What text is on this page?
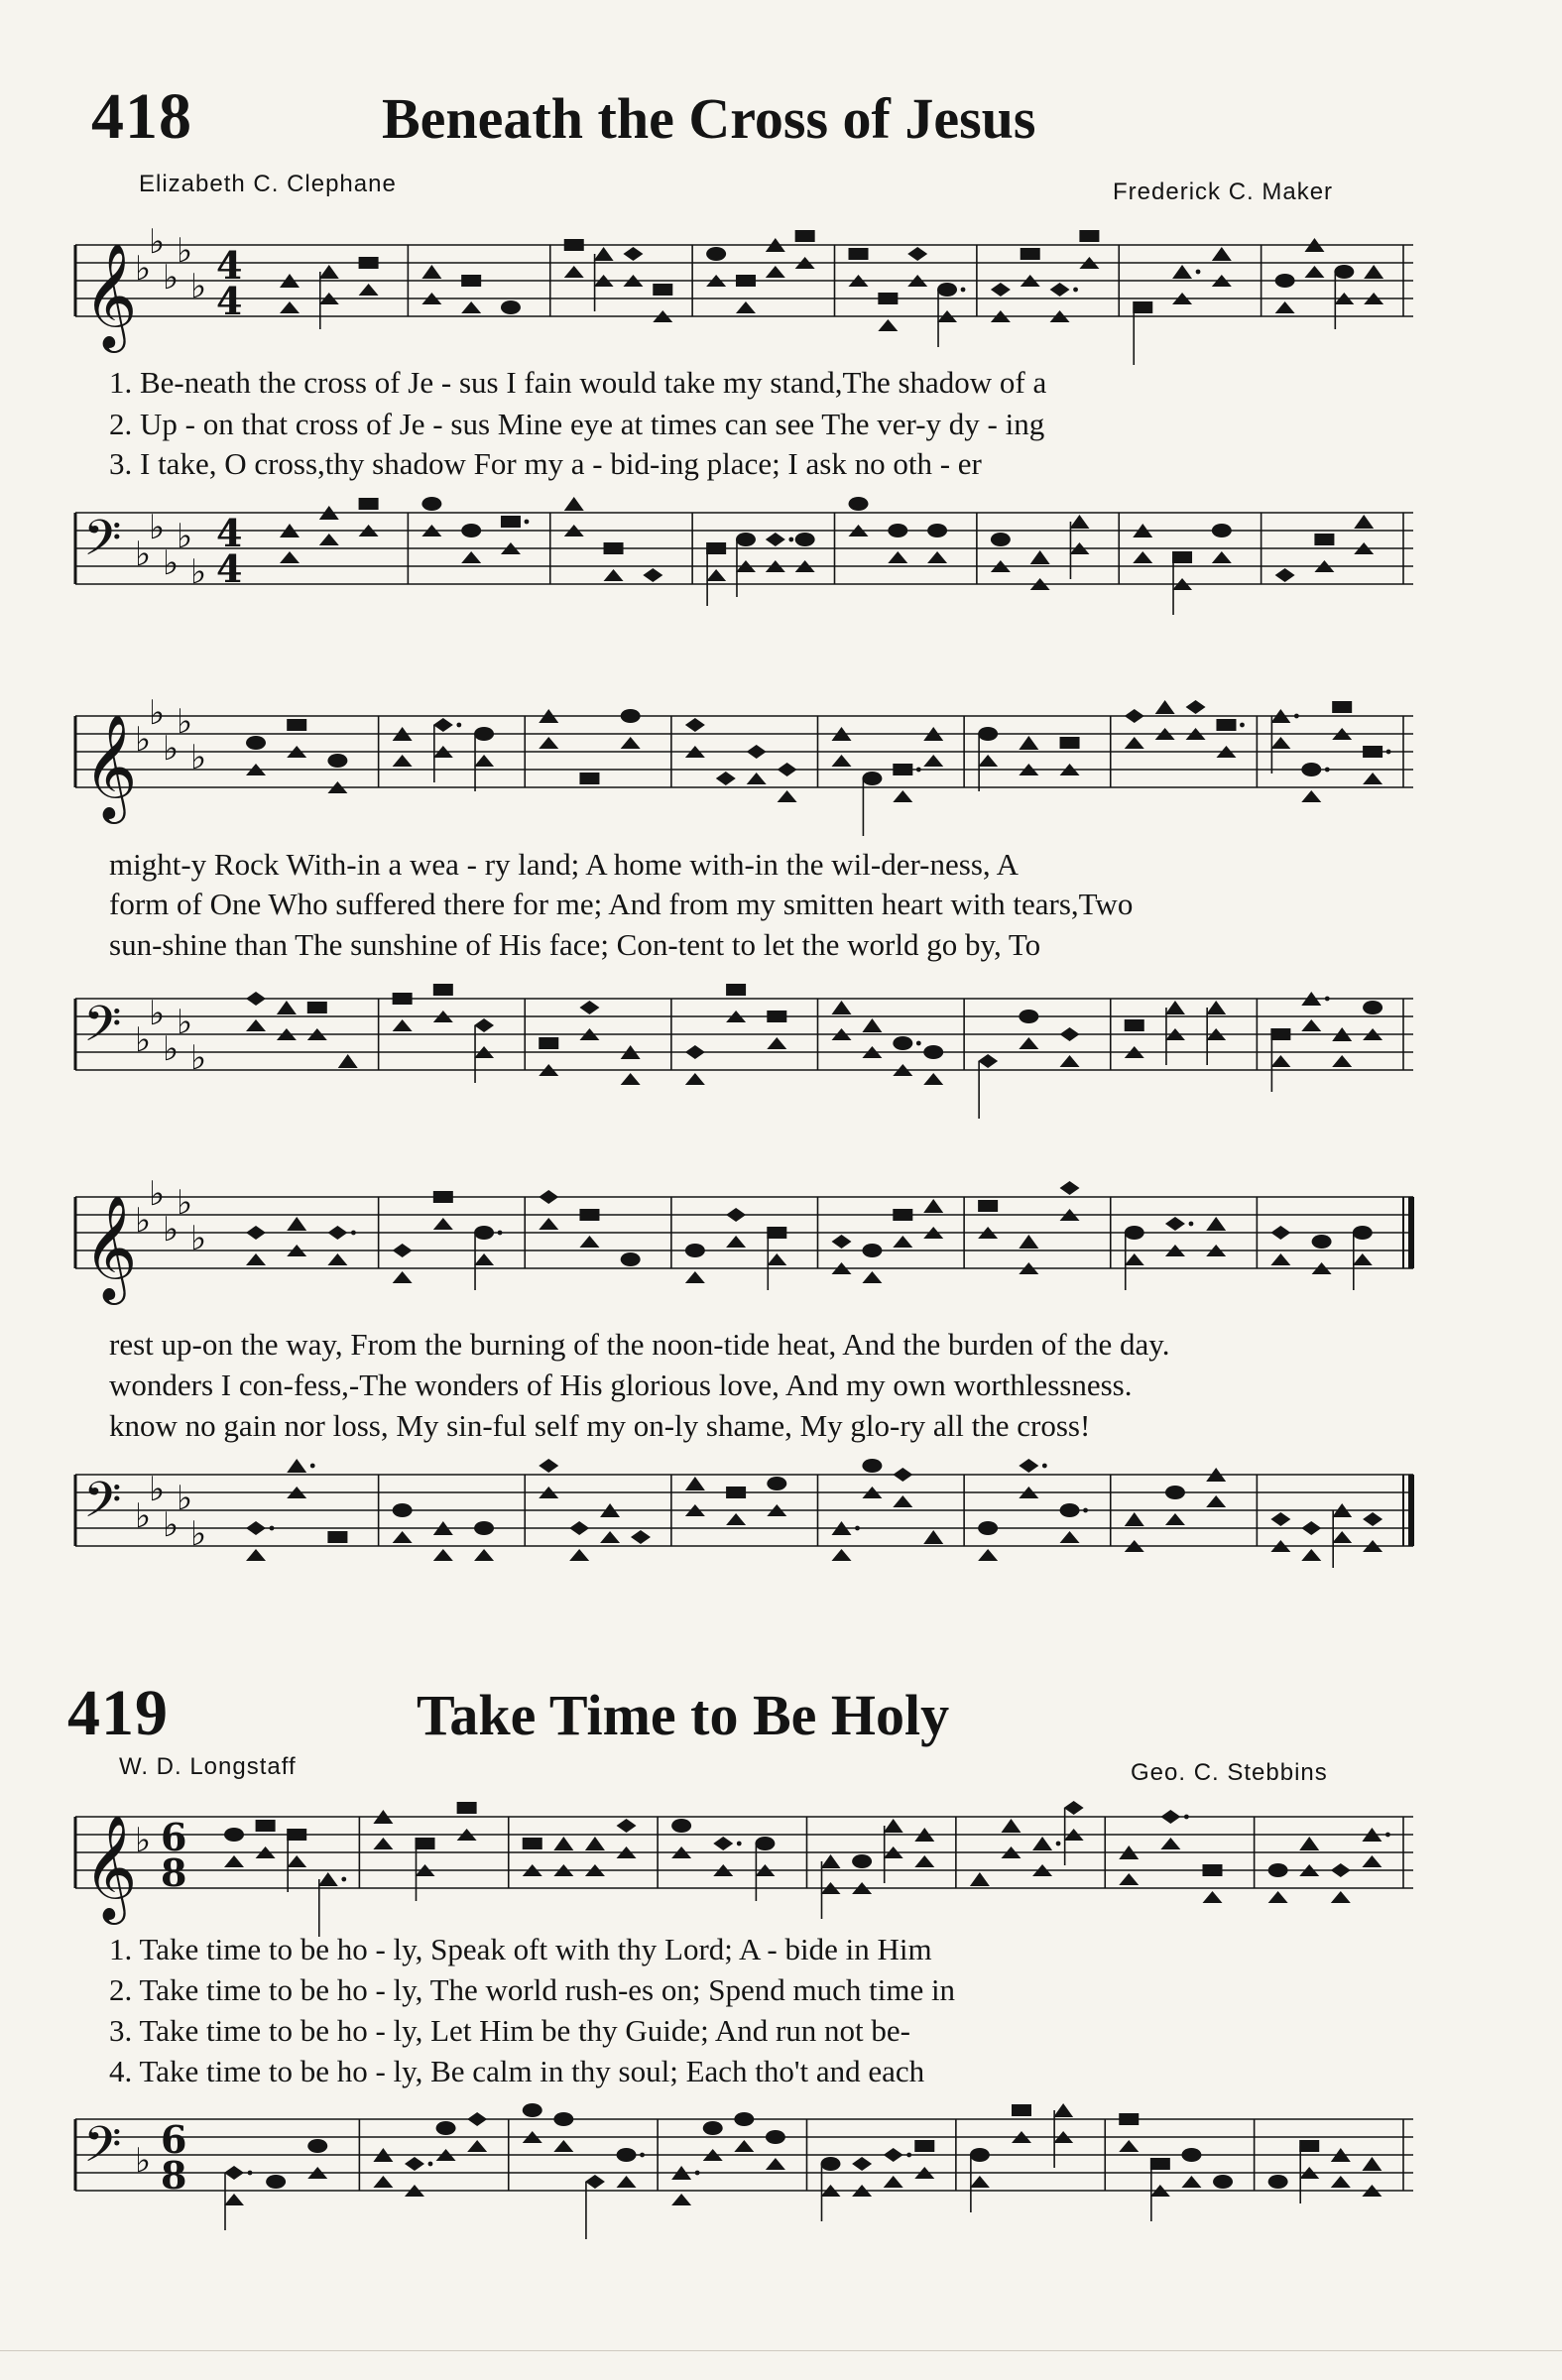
418	Beneath the Cross of Jesus
Elizabeth C. Clephane	Frederick C. Maker
𝄞
♭
♭
♭
♭
♭ 4
4
1. Be-neath the cross of Je - sus I fain would take my stand,The shadow of a
2. Up - on that cross of Je - sus Mine eye at times can see The ver-y dy - ing
3. I take, O cross,thy shadow For my a - bid-ing place; I ask no oth - er
𝄢 ♭
♭
♭
♭
♭
4
4
𝄞
♭
♭
♭
♭
♭
might-y Rock With-in a wea - ry land; A home with-in the wil-der-ness, A
form of One Who suffered there for me; And from my smitten heart with tears,Two
sun-shine than The sunshine of His face; Con-tent to let the world go by, To
𝄢 ♭
♭
♭
♭
♭
𝄞
♭
♭
♭
♭
♭
rest up-on the way, From the burning of the noon-tide heat, And the burden of the day.
wonders I con-fess,-The wonders of His glorious love, And my own worthlessness.
know no gain nor loss, My sin-ful self my on-ly shame, My glo-ry all the cross!
𝄢 ♭
♭
♭
♭
♭
419	Take Time to Be Holy
W. D. Longstaff	Geo. C. Stebbins
𝄞
♭ 6
8
1. Take time to be ho - ly, Speak oft with thy Lord; A - bide in Him
2. Take time to be ho - ly, The world rush-es on; Spend much time in
3. Take time to be ho - ly, Let Him be thy Guide; And run not be-
4. Take time to be ho - ly, Be calm in thy soul; Each tho't and each
𝄢 ♭ 6
8
